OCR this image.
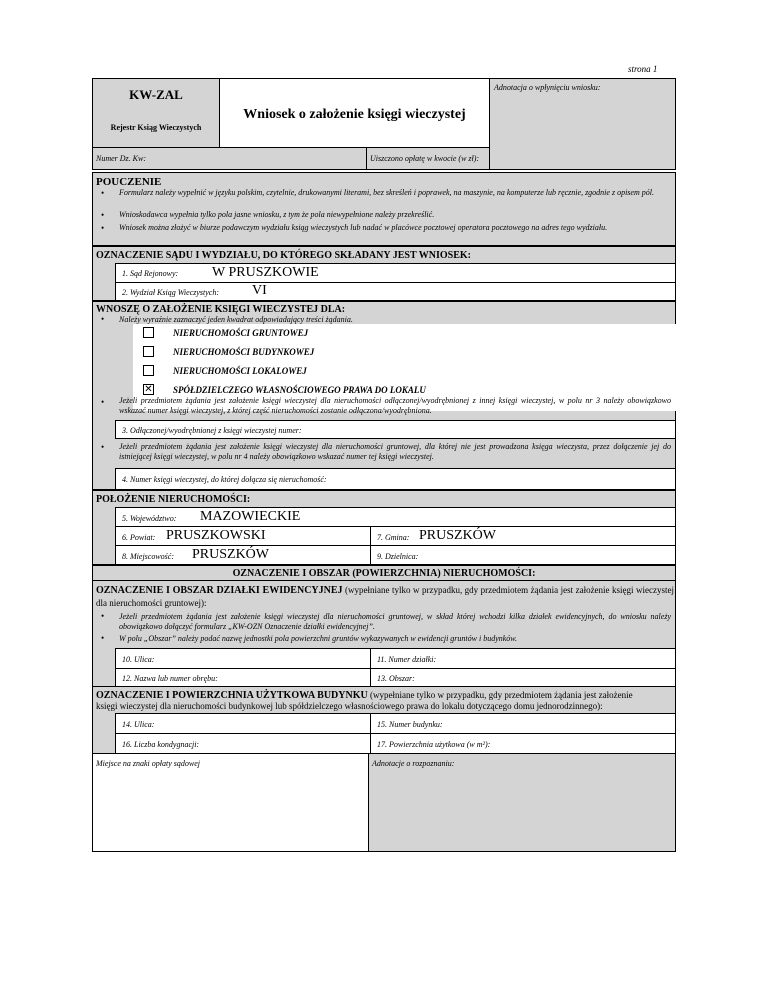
strona 1
KW-ZAL
Rejestr Ksiąg Wieczystych
Wniosek o założenie księgi wieczystej
Adnotacja o wpłynięciu wniosku:
Numer Dz. Kw:	Uiszczono opłatę w kwocie (w zł):
POUCZENIE
• Formularz należy wypełnić w języku polskim, czytelnie, drukowanymi literami, bez skreśleń i poprawek, na maszynie, na komputerze lub ręcznie, zgodnie z opisem pól.
• Wnioskodawca wypełnia tylko pola jasne wniosku, z tym że pola niewypełnione należy przekreślić.
• Wniosek można złożyć w biurze podawczym wydziału ksiąg wieczystych lub nadać w placówce pocztowej operatora pocztowego na adres tego wydziału.
OZNACZENIE SĄDU I WYDZIAŁU, DO KTÓREGO SKŁADANY JEST WNIOSEK:
1. Sąd Rejonowy: W PRUSZKOWIE
2. Wydział Ksiąg Wieczystych: VI
WNOSZĘ O ZAŁOŻENIE KSIĘGI WIECZYSTEJ DLA:
• Należy wyraźnie zaznaczyć jeden kwadrat odpowiadający treści żądania.
NIERUCHOMOŚCI GRUNTOWEJ
NIERUCHOMOŚCI BUDYNKOWEJ
NIERUCHOMOŚCI LOKALOWEJ
✕ SPÓŁDZIELCZEGO WŁASNOŚCIOWEGO PRAWA DO LOKALU
• Jeżeli przedmiotem żądania jest założenie księgi wieczystej dla nieruchomości odłączonej/wyodrębnionej z innej księgi wieczystej, w polu nr 3 należy obowiązkowo wskazać numer księgi wieczystej, z której część nieruchomości zostanie odłączona/wyodrębniona.
3. Odłączonej/wyodrębnionej z księgi wieczystej numer:
• Jeżeli przedmiotem żądania jest założenie księgi wieczystej dla nieruchomości gruntowej, dla której nie jest prowadzona księga wieczysta, przez dołączenie jej do istniejącej księgi wieczystej, w polu nr 4 należy obowiązkowo wskazać numer tej księgi wieczystej.
4. Numer księgi wieczystej, do której dołącza się nieruchomość:
POŁOŻENIE NIERUCHOMOŚCI:
5. Województwo: MAZOWIECKIE
6. Powiat: PRUSZKOWSKI	7. Gmina: PRUSZKÓW
8. Miejscowość: PRUSZKÓW	9. Dzielnica:
OZNACZENIE I OBSZAR (POWIERZCHNIA) NIERUCHOMOŚCI:
OZNACZENIE I OBSZAR DZIAŁKI EWIDENCYJNEJ (wypełniane tylko w przypadku, gdy przedmiotem żądania jest założenie księgi wieczystej dla nieruchomości gruntowej):
• Jeżeli przedmiotem żądania jest założenie księgi wieczystej dla nieruchomości gruntowej, w skład której wchodzi kilka działek ewidencyjnych, do wniosku należy obowiązkowo dołączyć formularz „KW-OZN Oznaczenie działki ewidencyjnej”.
• W polu „Obszar” należy podać nazwę jednostki pola powierzchni gruntów wykazywanych w ewidencji gruntów i budynków.
10. Ulica:	11. Numer działki:
12. Nazwa lub numer obrębu:	13. Obszar:
OZNACZENIE I POWIERZCHNIA UŻYTKOWA BUDYNKU (wypełniane tylko w przypadku, gdy przedmiotem żądania jest założenie
księgi wieczystej dla nieruchomości budynkowej lub spółdzielczego własnościowego prawa do lokalu dotyczącego domu jednorodzinnego):
14. Ulica:	15. Numer budynku:
16. Liczba kondygnacji:	17. Powierzchnia użytkowa (w m²):
Miejsce na znaki opłaty sądowej	Adnotacje o rozpoznaniu:
